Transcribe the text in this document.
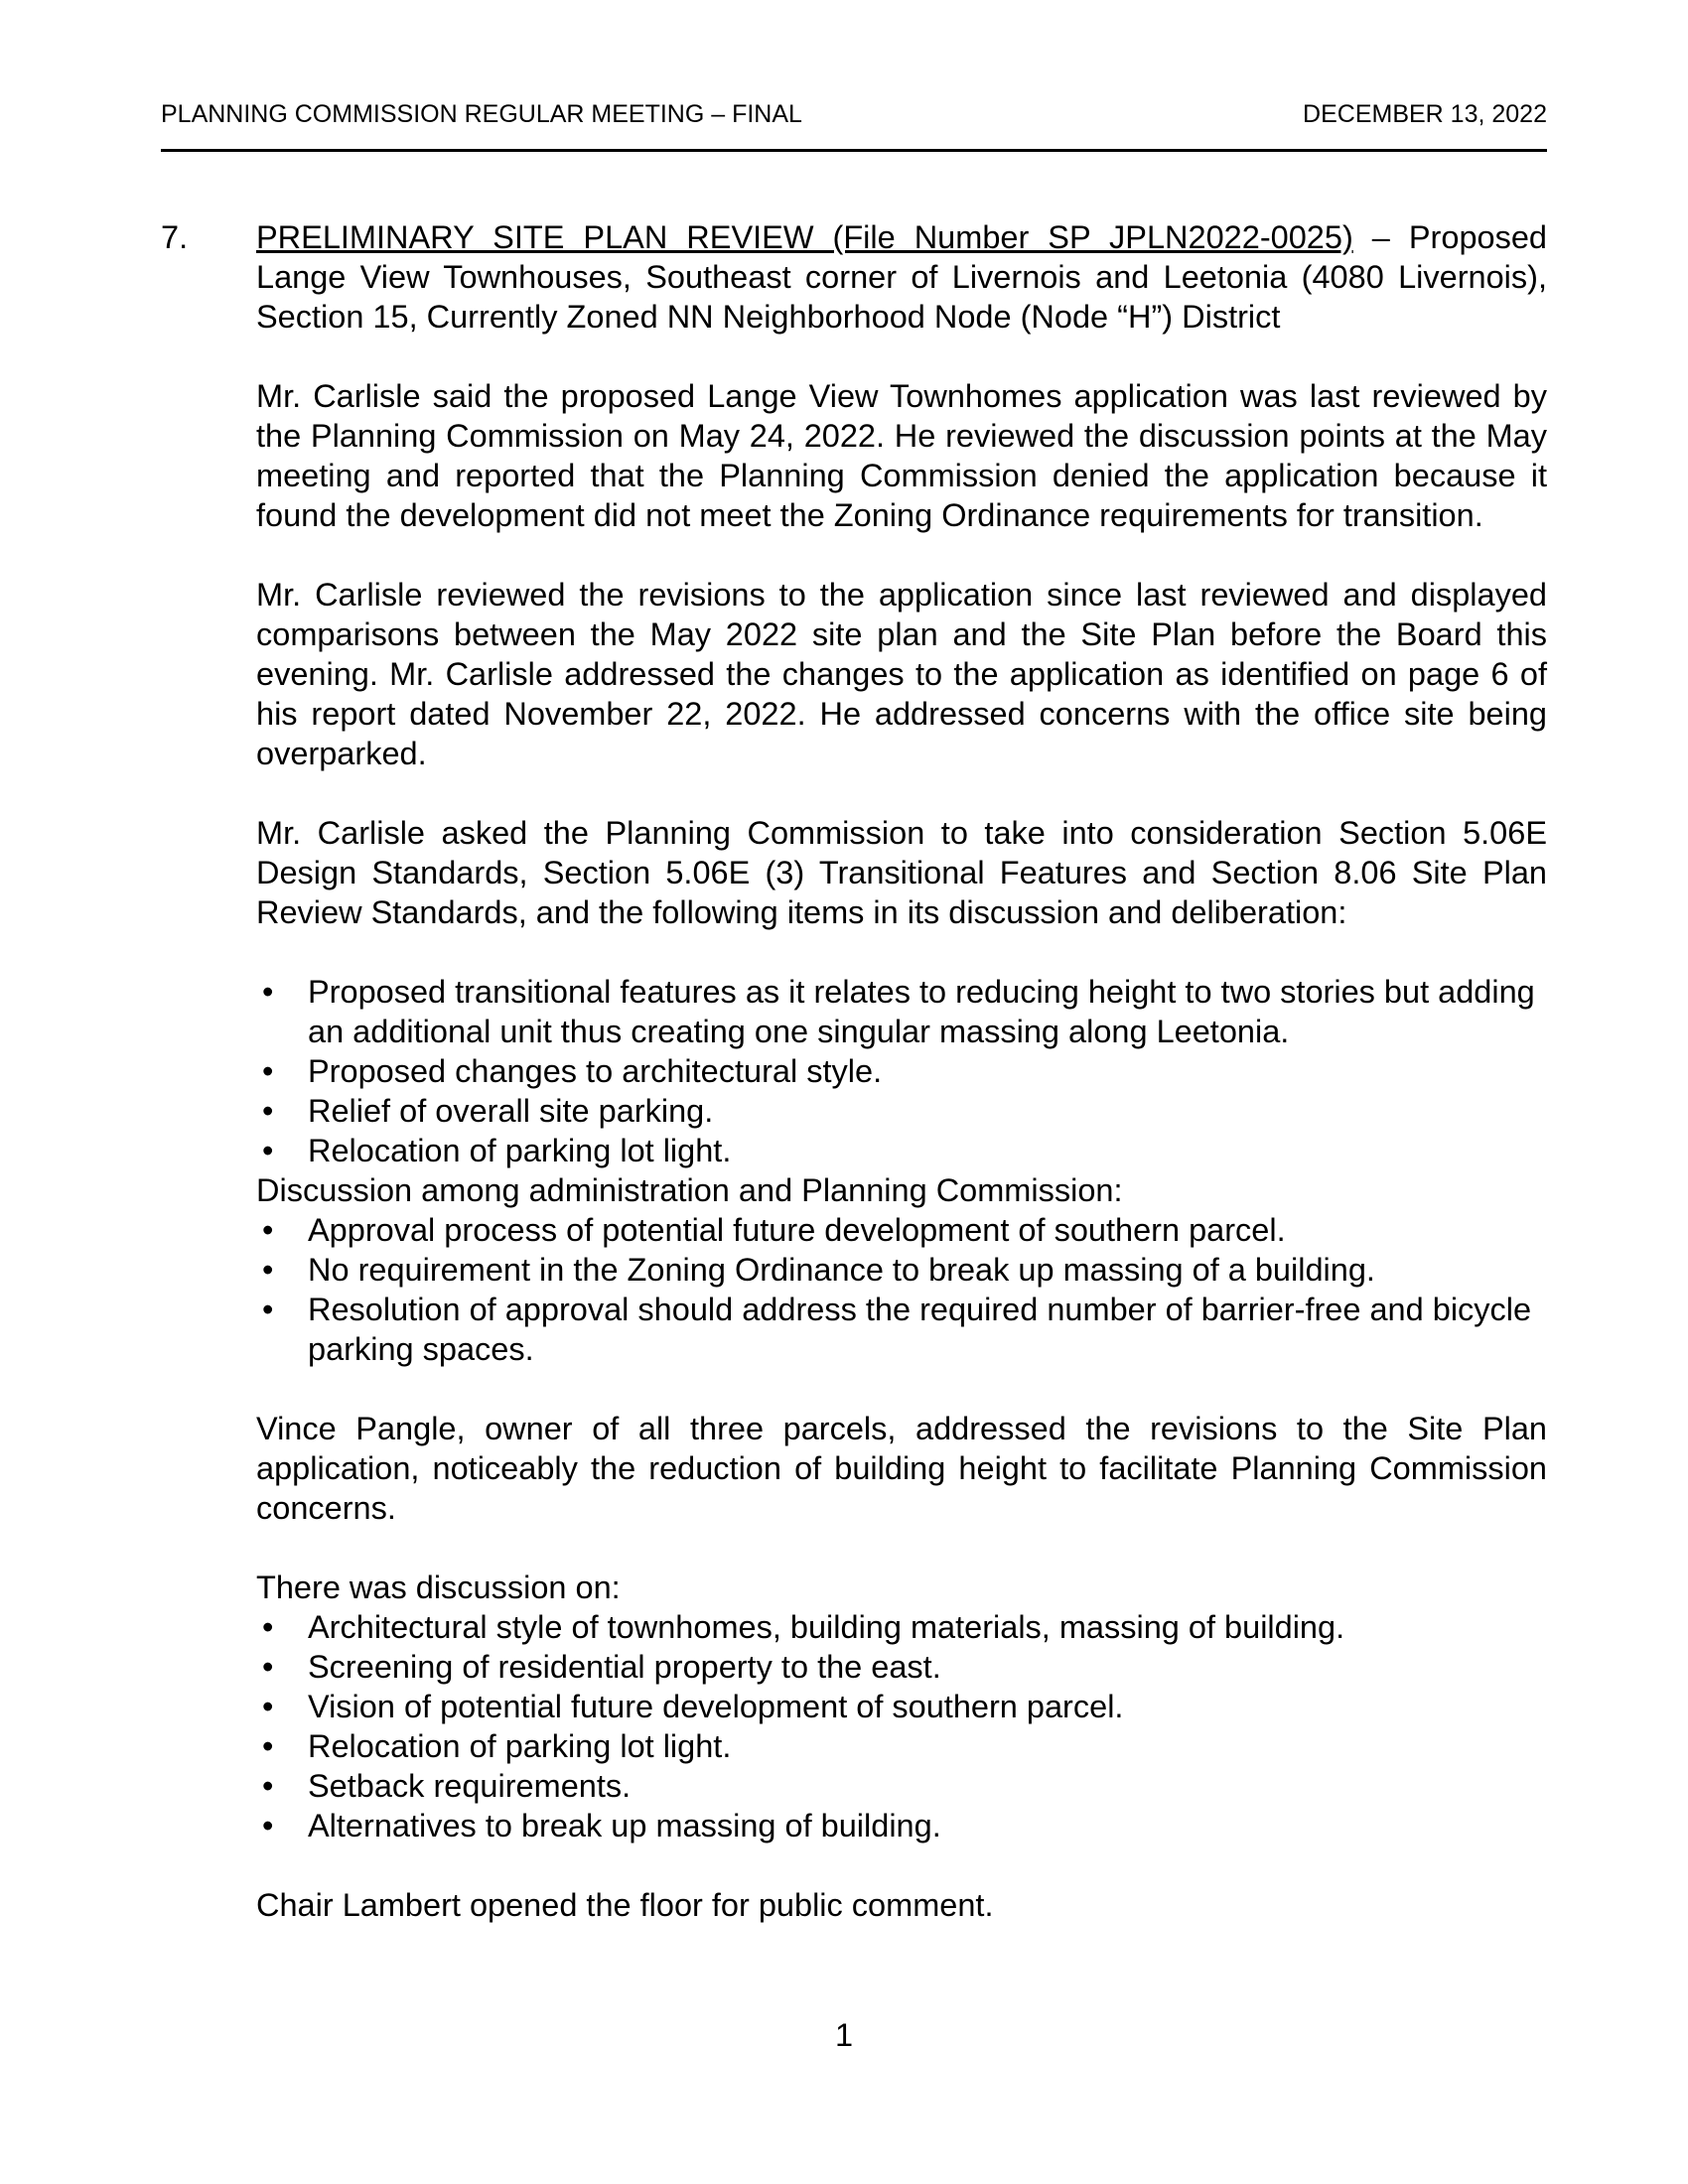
PLANNING COMMISSION REGULAR MEETING – FINAL	DECEMBER 13, 2022
7. PRELIMINARY SITE PLAN REVIEW (File Number SP JPLN2022-0025) – Proposed Lange View Townhouses, Southeast corner of Livernois and Leetonia (4080 Livernois), Section 15, Currently Zoned NN Neighborhood Node (Node “H”) District

Mr. Carlisle said the proposed Lange View Townhomes application was last reviewed by the Planning Commission on May 24, 2022. He reviewed the discussion points at the May meeting and reported that the Planning Commission denied the application because it found the development did not meet the Zoning Ordinance requirements for transition.

Mr. Carlisle reviewed the revisions to the application since last reviewed and displayed comparisons between the May 2022 site plan and the Site Plan before the Board this evening. Mr. Carlisle addressed the changes to the application as identified on page 6 of his report dated November 22, 2022. He addressed concerns with the office site being overparked.

Mr. Carlisle asked the Planning Commission to take into consideration Section 5.06E Design Standards, Section 5.06E (3) Transitional Features and Section 8.06 Site Plan Review Standards, and the following items in its discussion and deliberation:

•	Proposed transitional features as it relates to reducing height to two stories but adding an additional unit thus creating one singular massing along Leetonia.
•	Proposed changes to architectural style.
•	Relief of overall site parking.
•	Relocation of parking lot light.

Discussion among administration and Planning Commission:

•	Approval process of potential future development of southern parcel.
•	No requirement in the Zoning Ordinance to break up massing of a building.
•	Resolution of approval should address the required number of barrier-free and bicycle parking spaces.

Vince Pangle, owner of all three parcels, addressed the revisions to the Site Plan application, noticeably the reduction of building height to facilitate Planning Commission concerns.

There was discussion on:

•	Architectural style of townhomes, building materials, massing of building.
•	Screening of residential property to the east.
•	Vision of potential future development of southern parcel.
•	Relocation of parking lot light.
•	Setback requirements.
•	Alternatives to break up massing of building.

Chair Lambert opened the floor for public comment.

1
